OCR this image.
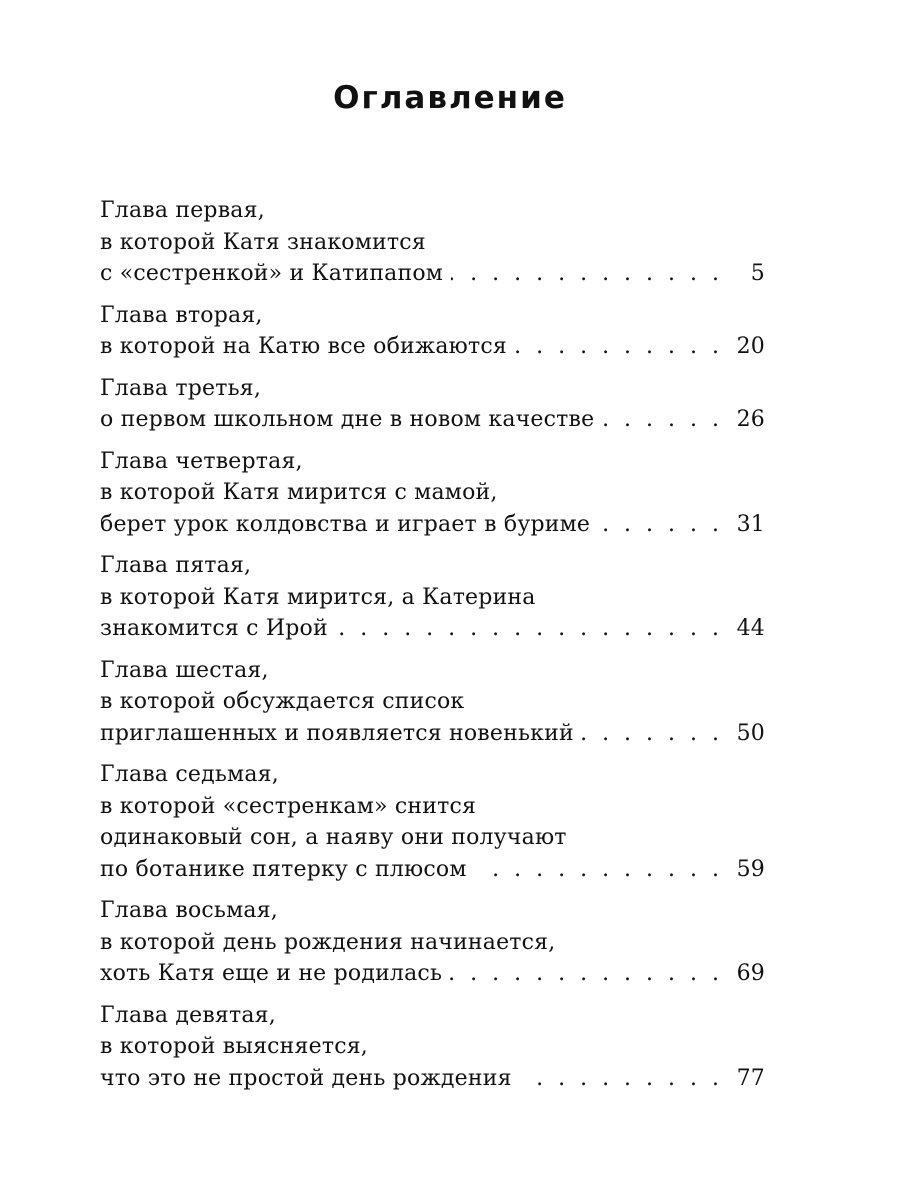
Оглавление
Глава первая,
в которой Катя знакомится
с «сестренкой» и Катипапом . . .	5
Глава вторая,
в которой на Катю все обижаются . . .	20
Глава третья,
о первом школьном дне в новом качестве . . .	26
Глава четвертая,
в которой Катя мирится с мамой,
берет урок колдовства и играет в буриме . . .	31
Глава пятая,
в которой Катя мирится, а Катерина
знакомится с Ирой . . .	44
Глава шестая,
в которой обсуждается список
приглашенных и появляется новенький . . .	50
Глава седьмая,
в которой «сестренкам» снится
одинаковый сон, а наяву они получают
по ботанике пятерку с плюсом . . .	59
Глава восьмая,
в которой день рождения начинается,
хоть Катя еще и не родилась . . .	69
Глава девятая,
в которой выясняется,
что это не простой день рождения . . .	77
